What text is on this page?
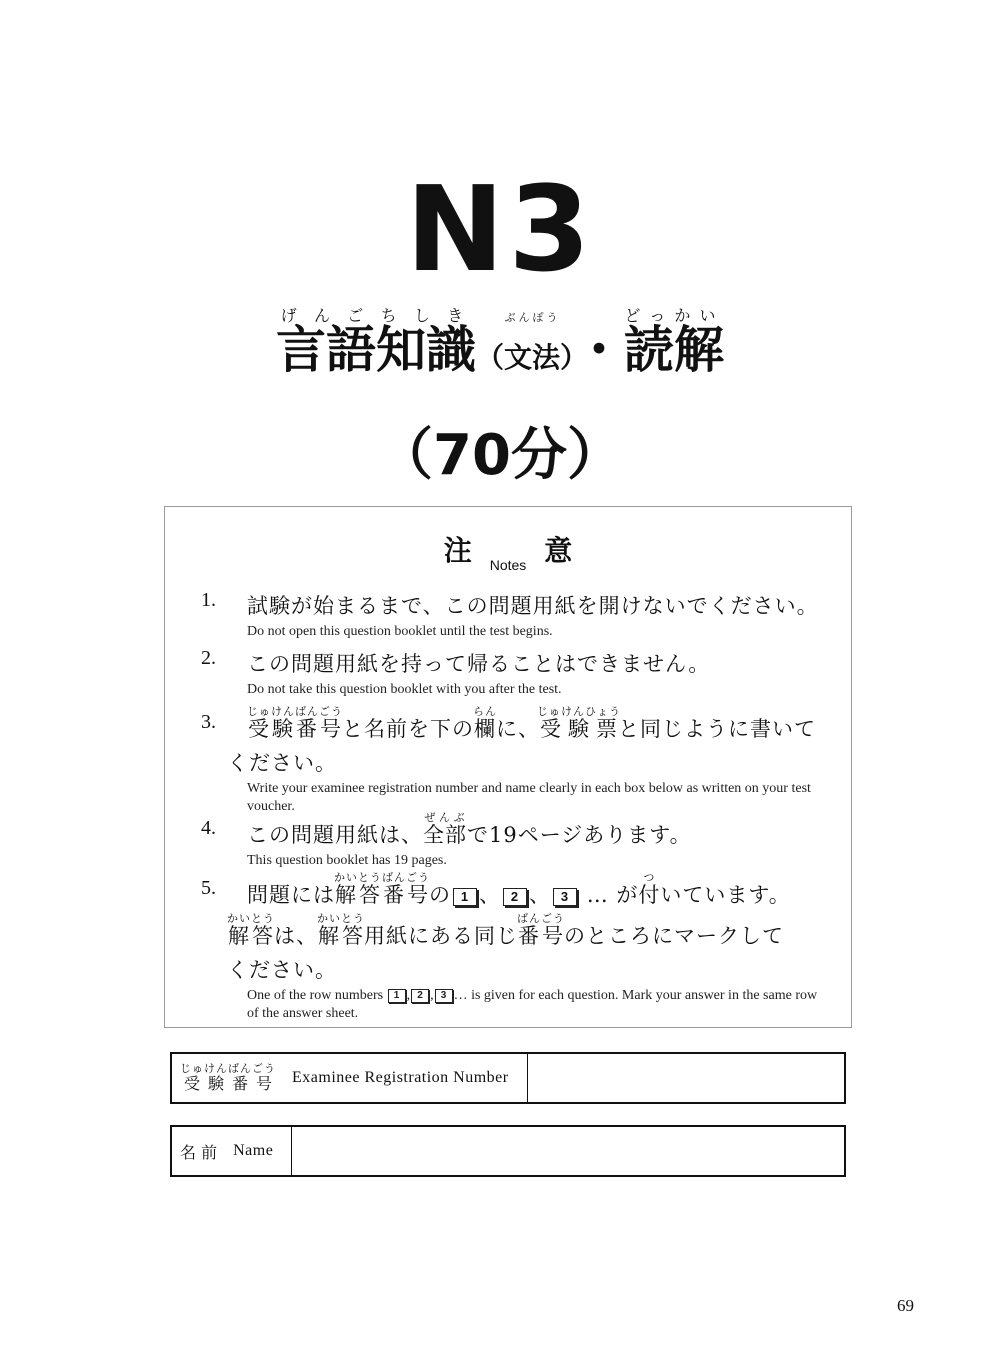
N3
言語知識げんごちしき（文法ぶんぽう）・読解どっかい
（70分）
注 Notes 意
1. 試験が始まるまで、この問題用紙を開けないでください。
Do not open this question booklet until the test begins.
2. この問題用紙を持って帰ることはできません。
Do not take this question booklet with you after the test.
3. 受験番号じゅけんばんごうと名前を下の欄らんに、受験票じゅけんひょうと同じように書いて
ください。
Write your examinee registration number and name clearly in each box below as written on your test voucher.
4. この問題用紙は、全部ぜんぶで19ページあります。
This question booklet has 19 pages.
5. 問題には解答番号かいとうばんごうの 1 、 2 、 3 … が付ついています。
解答かいとうは、解答かいとう用紙にある同じ番号ばんごうのところにマークして
ください。
One of the row numbers 1 , 2 , 3 … is given for each question. Mark your answer in the same row of the answer sheet.
受験番号じゅけんばんごう
Examinee Registration Number
名 前 Name
69
